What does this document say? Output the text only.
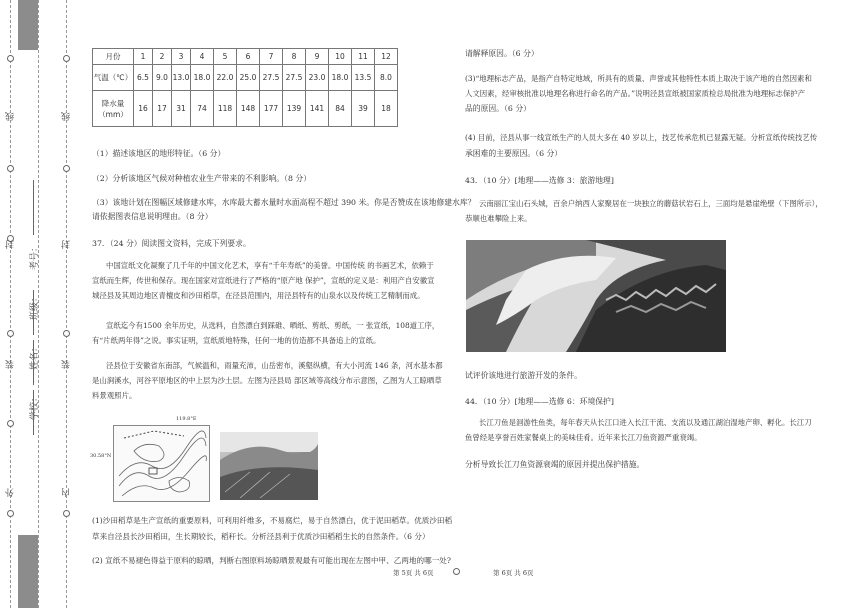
线
封
装
外
线
封
装
内
考号：
班级：
姓名：
学校：
月份	1	2	3	4	5	6	7	8	9	10	11	12
气温（℃）	6.5	9.0	13.0	18.0	22.0	25.0	27.5	27.5	23.0	18.0	13.5	8.0
降水量（mm）	16	17	31	74	118	148	177	139	141	84	39	18
（1）描述该地区的地形特征。（6 分）
（2）分析该地区气候对种植农业生产带来的不利影响。（8 分）
（3）该地计划在图幅区域修建水库，水库最大蓄水量时水面高程不超过 390 米。你是否赞成在该地修建水库？
请依据图表信息说明理由。（8 分）
37．（24 分）阅读图文资料，完成下列要求。
中国宣纸文化凝聚了几千年的中国文化艺术，享有“千年寿纸”的美誉。中国传统 的书画艺术，依赖于
宣纸而生辉，传世和保存。现在国家对宣纸进行了严格的“原产地 保护”，宣纸的定义是：利用产自安徽宣
城泾县及其周边地区青檀皮和沙田稻草，在泾县范围内，用泾县特有的山泉水以及传统工艺精制而成。
宣纸迄今有1500 余年历史，从选料，自然漂白到踩碓、晒纸、剪纸、剪纸，一 张宣纸，108道工序，
有“片纸两年得”之说。事实证明，宣纸质地特殊，任何一地的仿造都不具备追上的宣纸。
泾县位于安徽省东南部，气候温和，雨量充沛，山岳密布，溪壑纵横，有大小河流 146 条，河水基本都
是山涧溪水，河谷平原地区的中上层为沙土层。左图为泾县局 部区域等高线分布示意图，乙图为人工晾晒草
料景观照片。
119.8°E
30.58°N
(1)沙田稻草是生产宣纸的重要原料，可利用纤维多，不易腐烂，易于自然漂白，优于泥田稻草。优质沙田稻
草来自泾县长沙田稻田，生长期较长，稻秆长。分析泾县利于优质沙田稻稻生长的自然条件。（6 分）
(2) 宣纸不易褪色得益于原料的晾晒，判断右图原料场晾晒景观最有可能出现在左图中甲、乙两地的哪一处?
请解释原因。（6 分）
(3)“地理标志产品，是指产自特定地域，所具有的质量、声誉或其他特性本质上取决于该产地的自然因素和
人文因素，经审核批准以地理名称进行命名的产品。”说明泾县宣纸被国家质检总局批准为地理标志保护产
品的原因。（6 分）
(4) 目前，泾县从事一线宣纸生产的人员大多在 40 岁以上，技艺传承危机已显露无疑。分析宣纸传统技艺传
承困难的主要原因。（6 分）
43．（10 分）[地理——选修 3：旅游地理]
云南丽江宝山石头城，百余户纳西人家聚居在一块独立的蘑菇状岩石上，三面均是悬崖绝壁（下图所示），
恭顺也难攀险上来。
试评价该地进行旅游开发的条件。
44．（10 分）[地理——选修 6：环境保护]
长江刀鱼是洄游性鱼类，每年春天从长江口进入长江干流、支流以及通江湖泊湿地产卵、孵化。长江刀
鱼曾经是享誉百姓家餐桌上的美味佳肴。近年来长江刀鱼资源严重衰竭。
分析导致长江刀鱼资源衰竭的原因并提出保护措施。
第 5页 共 6页	第 6页 共 6页
